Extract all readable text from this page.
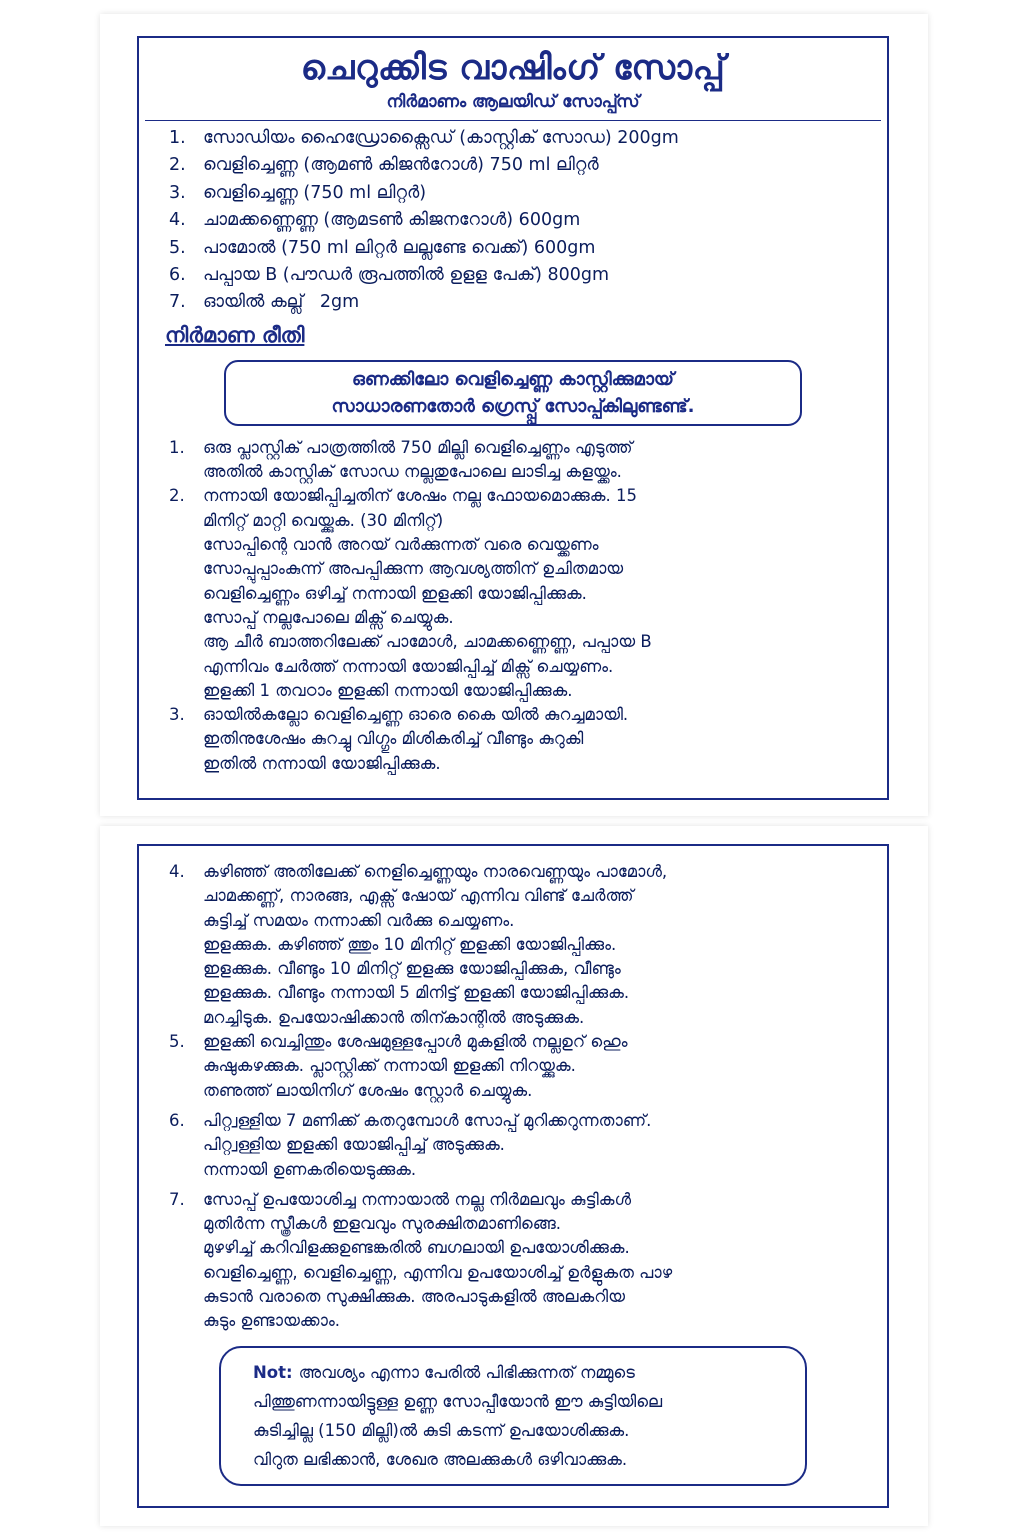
ചെറുക്കിട വാഷിംഗ് സോപ്പ്
നിർമാണം ആലയിഡ് സോപ്പ്സ്
1. സോഡിയം ഹൈഡ്രോക്സൈഡ് (കാസ്റ്റിക് സോഡ) 200gm
2. വെളിച്ചെണ്ണ (ആമൺ കിജൻറോൾ) 750 ml ലിറ്റർ
3. വെളിച്ചെണ്ണ (750 ml ലിറ്റർ)
4. ചാമക്കണ്ണെണ്ണ (ആമടൺ കിജനറോൾ) 600gm
5. പാമോൽ (750 ml ലിറ്റർ ലല്ലണ്ടേ വെക്ക്) 600gm
6. പപ്പായ B (പൗഡർ രൂപത്തിൽ ഉളള പേക്) 800gm
7. ഓയിൽ കല്ല്   2gm
നിർമാണ രീതി
ഒണക്കിലോ വെളിച്ചെണ്ണ കാസ്റ്റിക്കുമായ്
സാധാരണതോർ ഗ്രെസ്പ്പ് സോപ്പ്കിലുണ്ടണ്ട്.
1.	ഒരു പ്ലാസ്റ്റിക് പാത്രത്തിൽ 750 മില്ലി വെളിച്ചെണ്ണം എടുത്ത്
അതിൽ കാസ്റ്റിക് സോഡ നല്ലതുപോലെ ലാടിച്ച കളയ്ക്കം.
2.	നന്നായി യോജിപ്പിച്ചതിന് ശേഷം നല്ല ഫോയമൊക്കുക. 15
മിനിറ്റ് മാറ്റി വെയ്ക്കുക. (30 മിനിറ്റ്)
സോപ്പിന്റെ വാൻ അറയ് വർക്കുന്നത് വരെ വെയ്ക്കണം
സോപ്പുപ്പാംകുന്ന് അപപ്പിക്കുന്ന ആവശ്യത്തിന് ഉചിതമായ
വെളിച്ചെണ്ണം ഒഴിച്ച് നന്നായി ഇളക്കി യോജിപ്പിക്കുക.
സോപ്പ് നല്ലപോലെ മിക്സ് ചെയ്യുക.
ആ ചീർ ബാത്തറിലേക്ക് പാമോൾ, ചാമക്കണ്ണെണ്ണ, പപ്പായ B
എന്നിവം ചേർത്ത് നന്നായി യോജിപ്പിച്ച് മിക്സ് ചെയ്യണം.
ഇളക്കി 1 തവഠാം ഇളക്കി നന്നായി യോജിപ്പിക്കുക.
3.	ഓയിൽകല്ലോ വെളിച്ചെണ്ണ ഓരെ കൈ യിൽ കുറച്ചമായി.
ഇതിനുശേഷം കുറച്ചു വിഗ്ഗും മിശികരിച്ച് വീണ്ടും കുറുകി
ഇതിൽ നന്നായി യോജിപ്പിക്കുക.
4.	കഴിഞ്ഞ് അതിലേക്ക് നെളിച്ചെണ്ണയും നാരവെണ്ണയും പാമോൾ,
ചാമക്കണ്ണ്, നാരങ്ങ, എക്സ് ഷോയ് എന്നിവ വിണ്ട് ചേർത്ത്
കുട്ടിച്ച് സമയം നന്നാക്കി വർക്കു ചെയ്യണം.
ഇളക്കുക. കഴിഞ്ഞ് ത്തും 10 മിനിറ്റ് ഇളക്കി യോജിപ്പിക്കും.
ഇളക്കുക. വീണ്ടും 10 മിനിറ്റ് ഇളക്കു യോജിപ്പിക്കുക, വീണ്ടും
ഇളക്കുക. വീണ്ടും നന്നായി 5 മിനിട്ട് ഇളക്കി യോജിപ്പിക്കുക.
മറച്ചിടുക. ഉപയോഷിക്കാൻ തിന്കാന്റിൽ അടുക്കുക.
5.	ഇളക്കി വെച്ചിന്തും ശേഷമുള്ളപ്പോൾ മുകളിൽ നല്ലഉറ് ഹെും
കുഷുകഴക്കുക. പ്ലാസ്റ്റിക്ക് നന്നായി ഇളക്കി നിറയ്ക്കുക.
തണുത്ത് ലായിനിഗ് ശേഷം സ്റ്റോർ ചെയ്യുക.
6.	പിറ്റ്വള്ളിയ 7 മണിക്ക് കതറുമ്പോൾ സോപ്പ് മുറിക്കറുന്നതാണ്.
പിറ്റ്വള്ളിയ ഇളക്കി യോജിപ്പിച്ച് അടുക്കുക.
നന്നായി ഉണകരിയെടുക്കുക.
7.	സോപ്പ് ഉപയോശിച്ച നന്നായാൽ നല്ല നിർമലവും കുട്ടികൾ
മുതിർന്ന സ്ത്രീകൾ ഇളവവും സുരക്ഷിതമാണിങ്ങെ.
മുഴഴിച്ച് കറിവിളക്കുഉണ്ടങ്കരിൽ ബഗലായി ഉപയോശിക്കുക.
വെളിച്ചെണ്ണ, വെളിച്ചെണ്ണ, എന്നിവ ഉപയോശിച്ച് ഉർളുകത പാഴ
കുടാൻ വരാതെ സുക്ഷിക്കുക. അരപാടുകളിൽ അലകറിയ
കുടും ഉണ്ടായക്കാം.
Not: അവശ്യം എന്നാ പേരിൽ പിഭിക്കുന്നത് നമ്മുടെ
പിത്തുണന്നായിട്ടുള്ള ഉണ്ണ സോപ്പീയോൻ ഈ കുട്ടിയിലെ
കുടിച്ചില്ല (150 മില്ലി)ൽ കുടി കടന്ന് ഉപയോശിക്കുക.
വിറുത ലഭിക്കാൻ, ശേഖര അലക്കുകൾ ഒഴിവാക്കുക.
